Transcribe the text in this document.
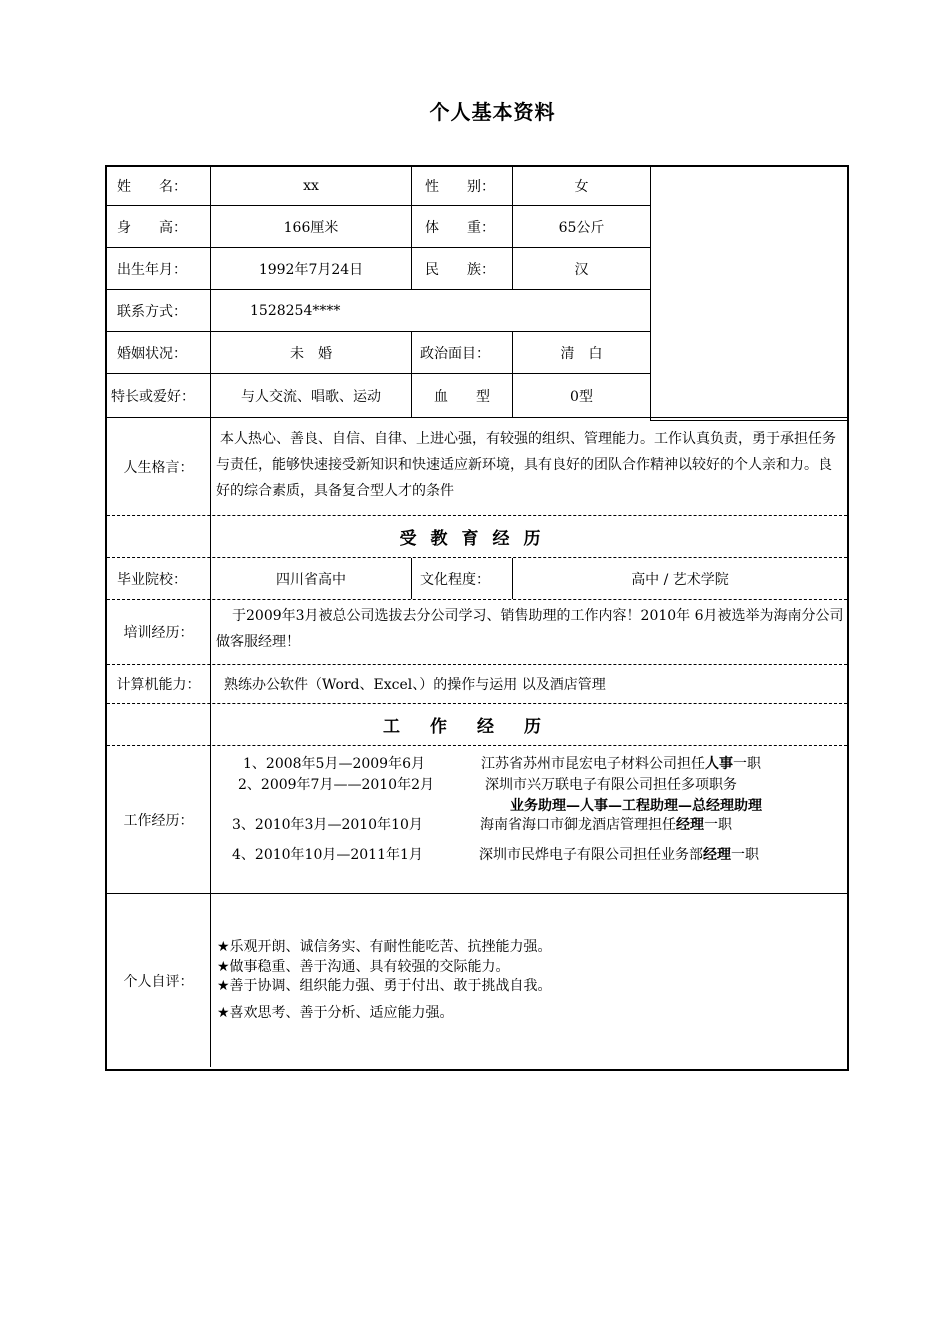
个人基本资料
姓　　名：	xx	性　　别：	女
身　　高：	166厘米	体　　重：	65公斤
出生年月：	1992年7月24日	民　　族：	汉
联系方式：	1528254****
婚姻状况：	未　婚	政治面目：	清　白
特长或爱好：	与人交流、唱歌、运动	血　　型	0型
人生格言：
本人热心、善良、自信、自律、上进心强，有较强的组织、管理能力。工作认真负责，勇于承担任务与责任，能够快速接受新知识和快速适应新环境，具有良好的团队合作精神以较好的个人亲和力。良好的综合素质，具备复合型人才的条件
受教育经历
毕业院校：	四川省高中	文化程度：	高中 / 艺术学院
培训经历：
于2009年3月被总公司选拔去分公司学习、销售助理的工作内容！2010年 6月被选举为海南分公司做客服经理！
计算机能力：	熟练办公软件（Word、Excel、）的操作与运用 以及酒店管理
工作经历
工作经历：
1、2008年5月—2009年6月	江苏省苏州市昆宏电子材料公司担任人事一职
2、2009年7月——2010年2月	深圳市兴万联电子有限公司担任多项职务
业务助理—人事—工程助理—总经理助理
3、2010年3月—2010年10月	海南省海口市御龙酒店管理担任经理一职
4、2010年10月—2011年1月	深圳市民烨电子有限公司担任业务部经理一职
个人自评：
★乐观开朗、诚信务实、有耐性能吃苦、抗挫能力强。
★做事稳重、善于沟通、具有较强的交际能力。
★善于协调、组织能力强、勇于付出、敢于挑战自我。
★喜欢思考、善于分析、适应能力强。
